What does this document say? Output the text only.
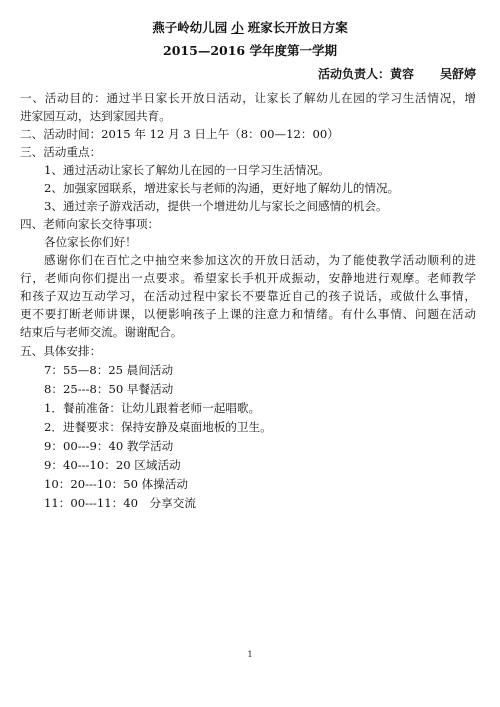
燕子岭幼儿园 小 班家长开放日方案
2015—2016 学年度第一学期
活动负责人：黄容 吴舒婷
一、活动目的：通过半日家长开放日活动，让家长了解幼儿在园的学习生活情况，增
进家园互动，达到家园共育。
二、活动时间：2015 年 12 月 3 日上午（8：00—12：00）
三、活动重点：
1、通过活动让家长了解幼儿在园的一日学习生活情况。
2、加强家园联系，增进家长与老师的沟通，更好地了解幼儿的情况。
3、通过亲子游戏活动，提供一个增进幼儿与家长之间感情的机会。
四、老师向家长交待事项：
各位家长你们好！
感谢你们在百忙之中抽空来参加这次的开放日活动，为了能使教学活动顺利的进
行，老师向你们提出一点要求。希望家长手机开成振动，安静地进行观摩。老师教学
和孩子双边互动学习，在活动过程中家长不要靠近自己的孩子说话，或做什么事情，
更不要打断老师讲课，以便影响孩子上课的注意力和情绪。有什么事情、问题在活动
结束后与老师交流。谢谢配合。
五、具体安排：
7：55—8：25 晨间活动
8：25---8：50 早餐活动
1．餐前准备：让幼儿跟着老师一起唱歌。
2．进餐要求：保持安静及桌面地板的卫生。
9：00---9：40 教学活动
9：40---10：20 区域活动
10：20---10：50 体操活动
11：00---11：40　分享交流
1
